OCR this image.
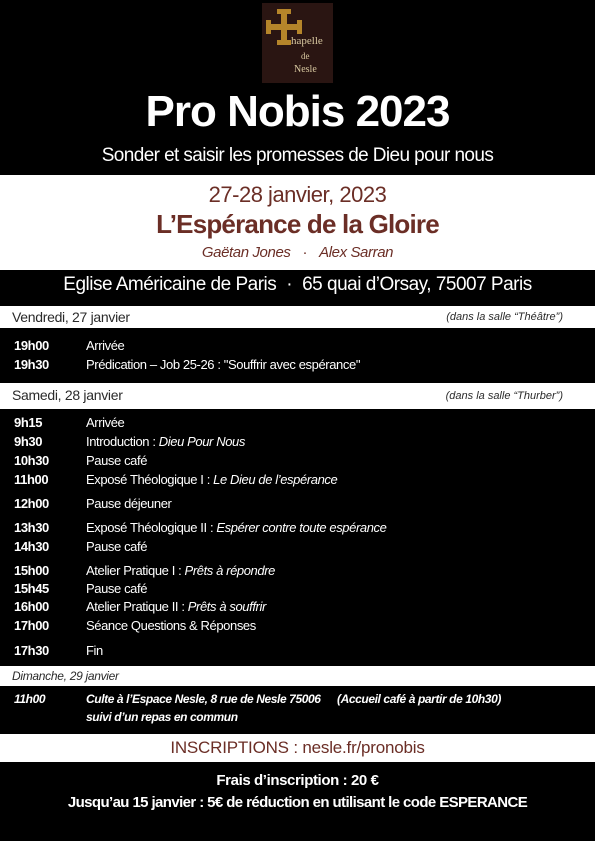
hapelle
de
Nesle
Pro Nobis 2023
Sonder et saisir les promesses de Dieu pour nous
27-28 janvier, 2023
L’Espérance de la Gloire
Gaëtan Jones · Alex Sarran
Eglise Américaine de Paris · 65 quai d’Orsay, 75007 Paris
Vendredi, 27 janvier	(dans la salle “Théâtre”)
19h00	Arrivée
19h30	Prédication – Job 25-26 : "Souffrir avec espérance"
Samedi, 28 janvier	(dans la salle “Thurber”)
9h15	Arrivée
9h30	Introduction : Dieu Pour Nous
10h30	Pause café
11h00	Exposé Théologique I : Le Dieu de l’espérance
12h00	Pause déjeuner
13h30	Exposé Théologique II : Espérer contre toute espérance
14h30	Pause café
15h00	Atelier Pratique I : Prêts à répondre
15h45	Pause café
16h00	Atelier Pratique II : Prêts à souffrir
17h00	Séance Questions & Réponses
17h30	Fin
Dimanche, 29 janvier
11h00	Culte à l’Espace Nesle, 8 rue de Nesle 75006 (Accueil café à partir de 10h30)
suivi d’un repas en commun
INSCRIPTIONS : nesle.fr/pronobis
Frais d’inscription : 20 €
Jusqu’au 15 janvier : 5€ de réduction en utilisant le code ESPERANCE
